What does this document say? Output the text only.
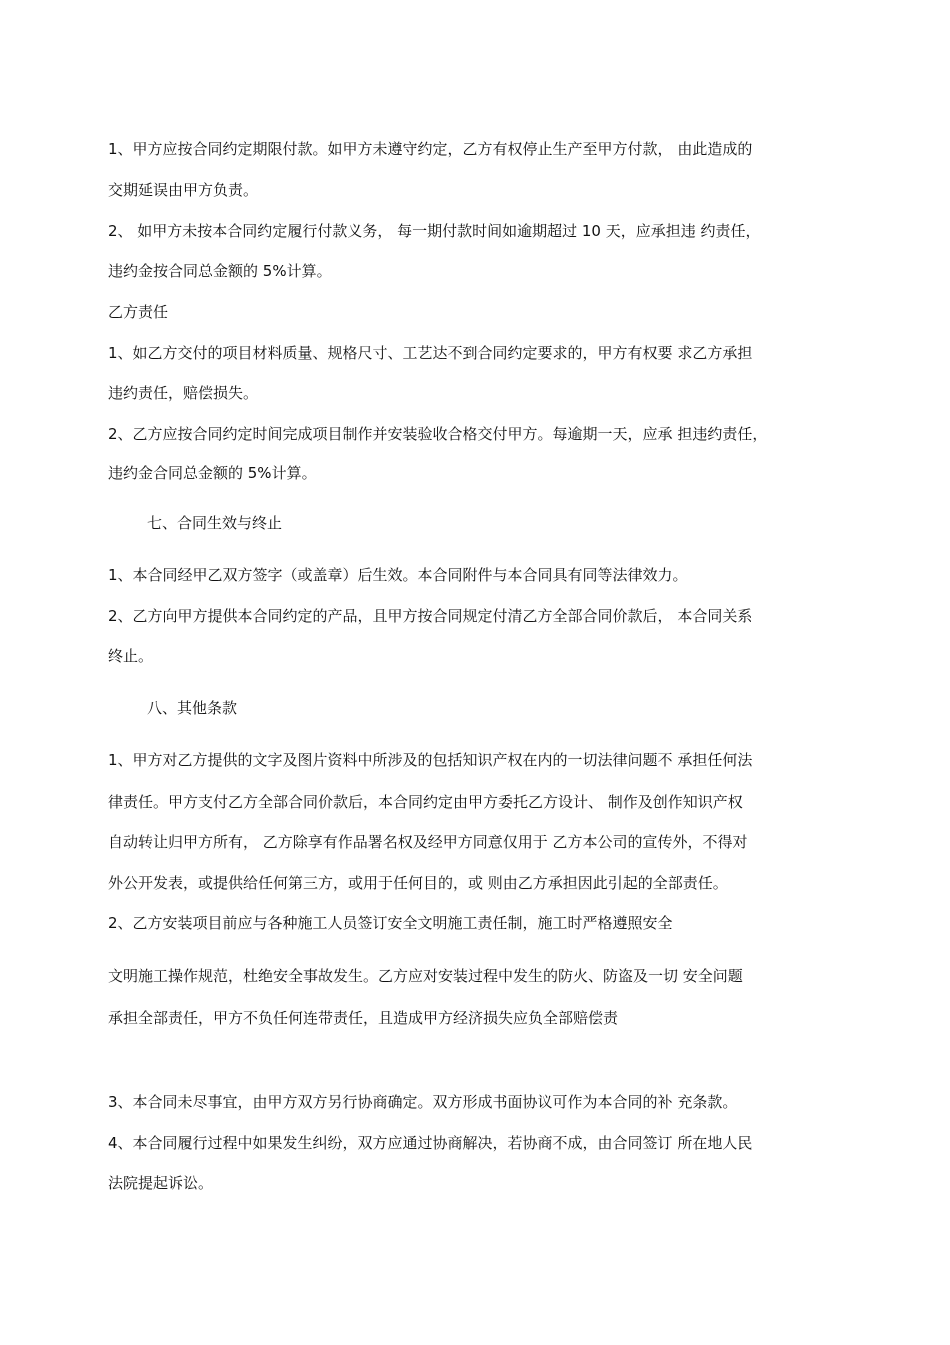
1、甲方应按合同约定期限付款。如甲方未遵守约定，乙方有权停止生产至甲方付款， 由此造成的
交期延误由甲方负责。
2、 如甲方未按本合同约定履行付款义务， 每一期付款时间如逾期超过 10 天，应承担违 约责任，
违约金按合同总金额的 5%计算。
乙方责任
1、如乙方交付的项目材料质量、规格尺寸、工艺达不到合同约定要求的，甲方有权要 求乙方承担
违约责任，赔偿损失。
2、乙方应按合同约定时间完成项目制作并安装验收合格交付甲方。每逾期一天，应承 担违约责任，
违约金合同总金额的 5%计算。
七、合同生效与终止
1、本合同经甲乙双方签字（或盖章）后生效。本合同附件与本合同具有同等法律效力。
2、乙方向甲方提供本合同约定的产品，且甲方按合同规定付清乙方全部合同价款后， 本合同关系
终止。
八、其他条款
1、甲方对乙方提供的文字及图片资料中所涉及的包括知识产权在内的一切法律问题不 承担任何法
律责任。甲方支付乙方全部合同价款后，本合同约定由甲方委托乙方设计、 制作及创作知识产权
自动转让归甲方所有， 乙方除享有作品署名权及经甲方同意仅用于 乙方本公司的宣传外，不得对
外公开发表，或提供给任何第三方，或用于任何目的，或 则由乙方承担因此引起的全部责任。
2、乙方安装项目前应与各种施工人员签订安全文明施工责任制，施工时严格遵照安全
文明施工操作规范，杜绝安全事故发生。乙方应对安装过程中发生的防火、防盗及一切 安全问题
承担全部责任，甲方不负任何连带责任，且造成甲方经济损失应负全部赔偿责
3、本合同未尽事宜，由甲方双方另行协商确定。双方形成书面协议可作为本合同的补 充条款。
4、本合同履行过程中如果发生纠纷，双方应通过协商解决，若协商不成，由合同签订 所在地人民
法院提起诉讼。
